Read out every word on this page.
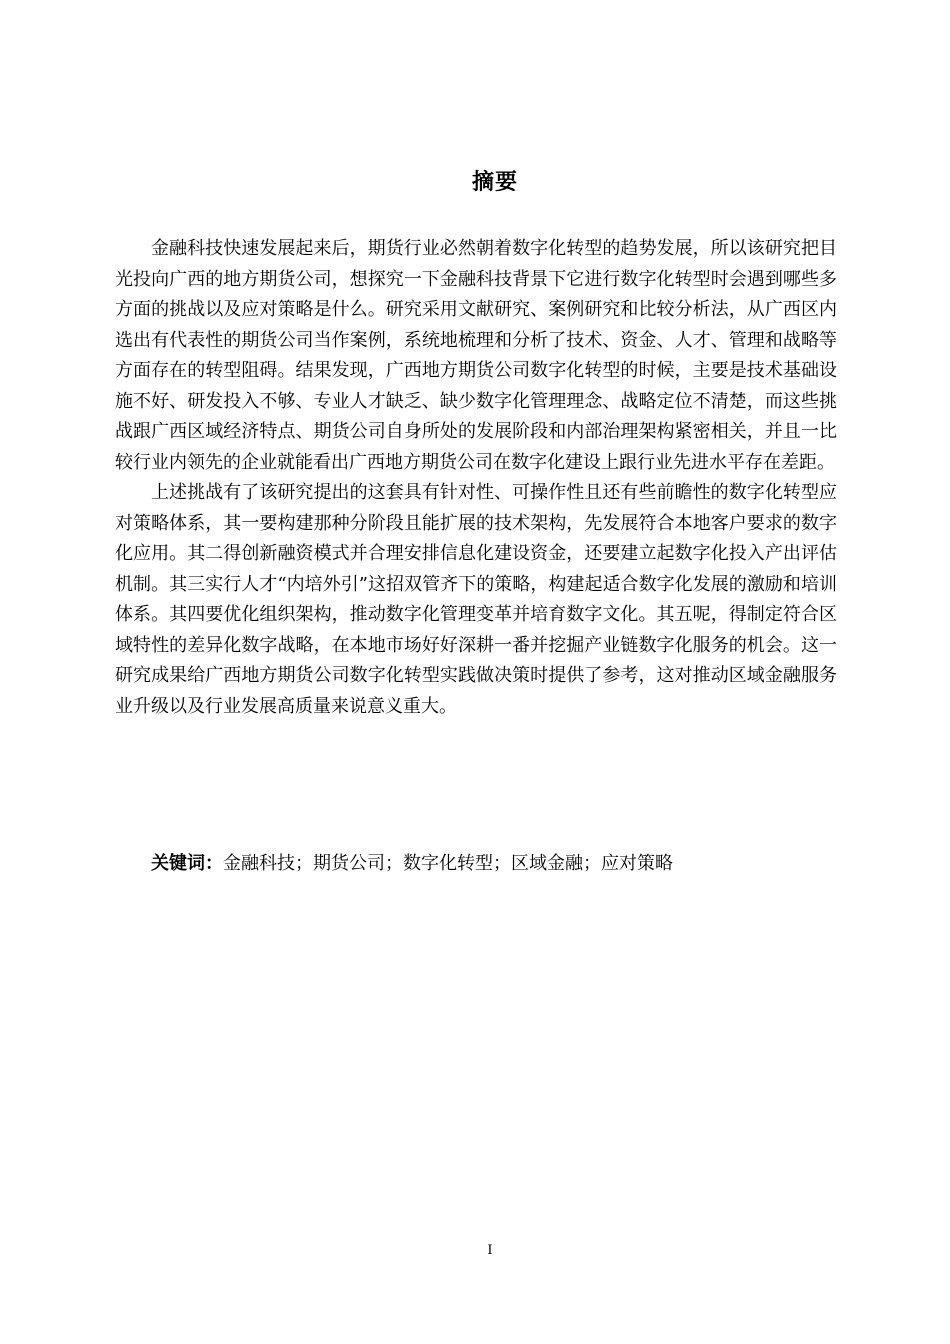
摘要

金融科技快速发展起来后，期货行业必然朝着数字化转型的趋势发展，所以该研究把目光投向广西的地方期货公司，想探究一下金融科技背景下它进行数字化转型时会遇到哪些多方面的挑战以及应对策略是什么。研究采用文献研究、案例研究和比较分析法，从广西区内选出有代表性的期货公司当作案例，系统地梳理和分析了技术、资金、人才、管理和战略等方面存在的转型阻碍。结果发现，广西地方期货公司数字化转型的时候，主要是技术基础设施不好、研发投入不够、专业人才缺乏、缺少数字化管理理念、战略定位不清楚，而这些挑战跟广西区域经济特点、期货公司自身所处的发展阶段和内部治理架构紧密相关，并且一比较行业内领先的企业就能看出广西地方期货公司在数字化建设上跟行业先进水平存在差距。

上述挑战有了该研究提出的这套具有针对性、可操作性且还有些前瞻性的数字化转型应对策略体系，其一要构建那种分阶段且能扩展的技术架构，先发展符合本地客户要求的数字化应用。其二得创新融资模式并合理安排信息化建设资金，还要建立起数字化投入产出评估机制。其三实行人才“内培外引”这招双管齐下的策略，构建起适合数字化发展的激励和培训体系。其四要优化组织架构，推动数字化管理变革并培育数字文化。其五呢，得制定符合区域特性的差异化数字战略，在本地市场好好深耕一番并挖掘产业链数字化服务的机会。这一研究成果给广西地方期货公司数字化转型实践做决策时提供了参考，这对推动区域金融服务业升级以及行业发展高质量来说意义重大。

关键词：金融科技；期货公司；数字化转型；区域金融；应对策略
I
